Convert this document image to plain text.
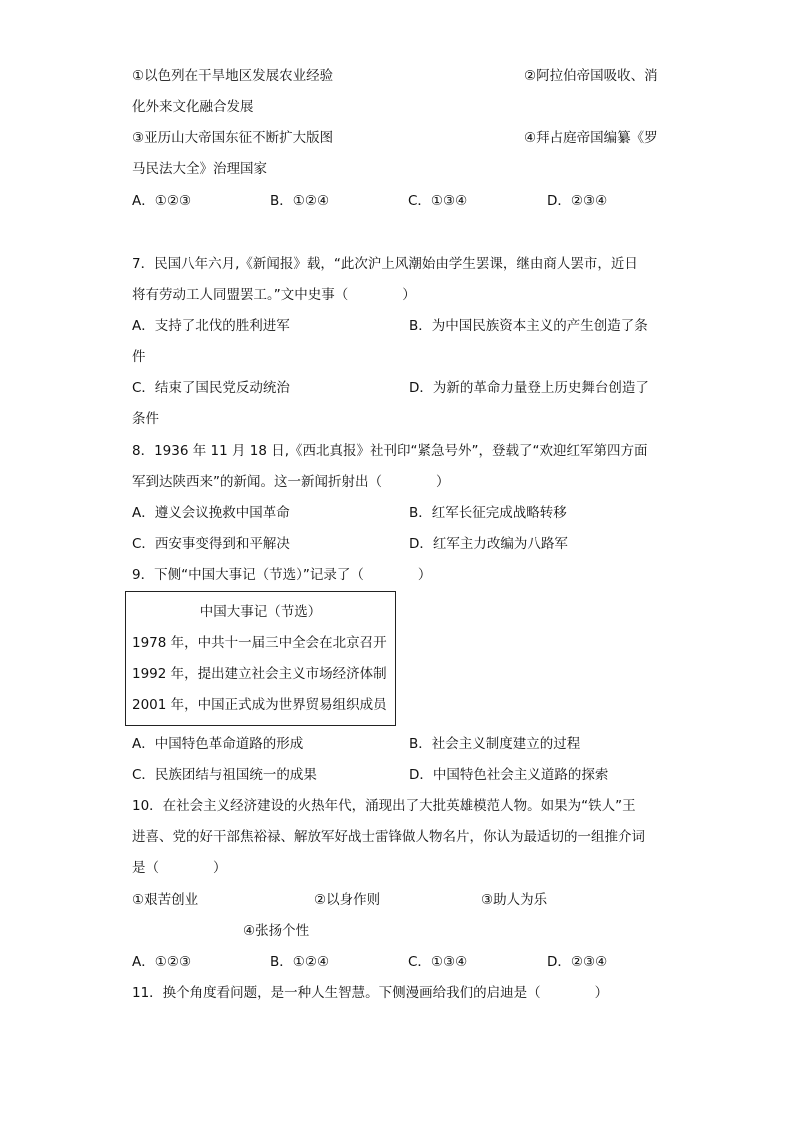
①以色列在干旱地区发展农业经验	②阿拉伯帝国吸收、消
化外来文化融合发展
③亚历山大帝国东征不断扩大版图	④拜占庭帝国编纂《罗
马民法大全》治理国家
A．①②③	B．①②④	C．①③④	D．②③④
7．民国八年六月,《新闻报》载，“此次沪上风潮始由学生罢课，继由商人罢市，近日
将有劳动工人同盟罢工。”文中史事（　　　　）
A．支持了北伐的胜利进军	B．为中国民族资本主义的产生创造了条
件
C．结束了国民党反动统治	D．为新的革命力量登上历史舞台创造了
条件
8．1936 年 11 月 18 日,《西北真报》社刊印“紧急号外”，登载了“欢迎红军第四方面
军到达陕西来”的新闻。这一新闻折射出（　　　　）
A．遵义会议挽救中国革命	B．红军长征完成战略转移
C．西安事变得到和平解决	D．红军主力改编为八路军
9．下侧“中国大事记（节选）”记录了（　　　　）
中国大事记（节选）
1978 年，中共十一届三中全会在北京召开
1992 年，提出建立社会主义市场经济体制
2001 年，中国正式成为世界贸易组织成员
A．中国特色革命道路的形成	B．社会主义制度建立的过程
C．民族团结与祖国统一的成果	D．中国特色社会主义道路的探索
10．在社会主义经济建设的火热年代，涌现出了大批英雄模范人物。如果为“铁人”王
进喜、党的好干部焦裕禄、解放军好战士雷锋做人物名片，你认为最适切的一组推介词
是（　　　　）
①艰苦创业	②以身作则	③助人为乐
④张扬个性
A．①②③	B．①②④	C．①③④	D．②③④
11．换个角度看问题，是一种人生智慧。下侧漫画给我们的启迪是（　　　　）
